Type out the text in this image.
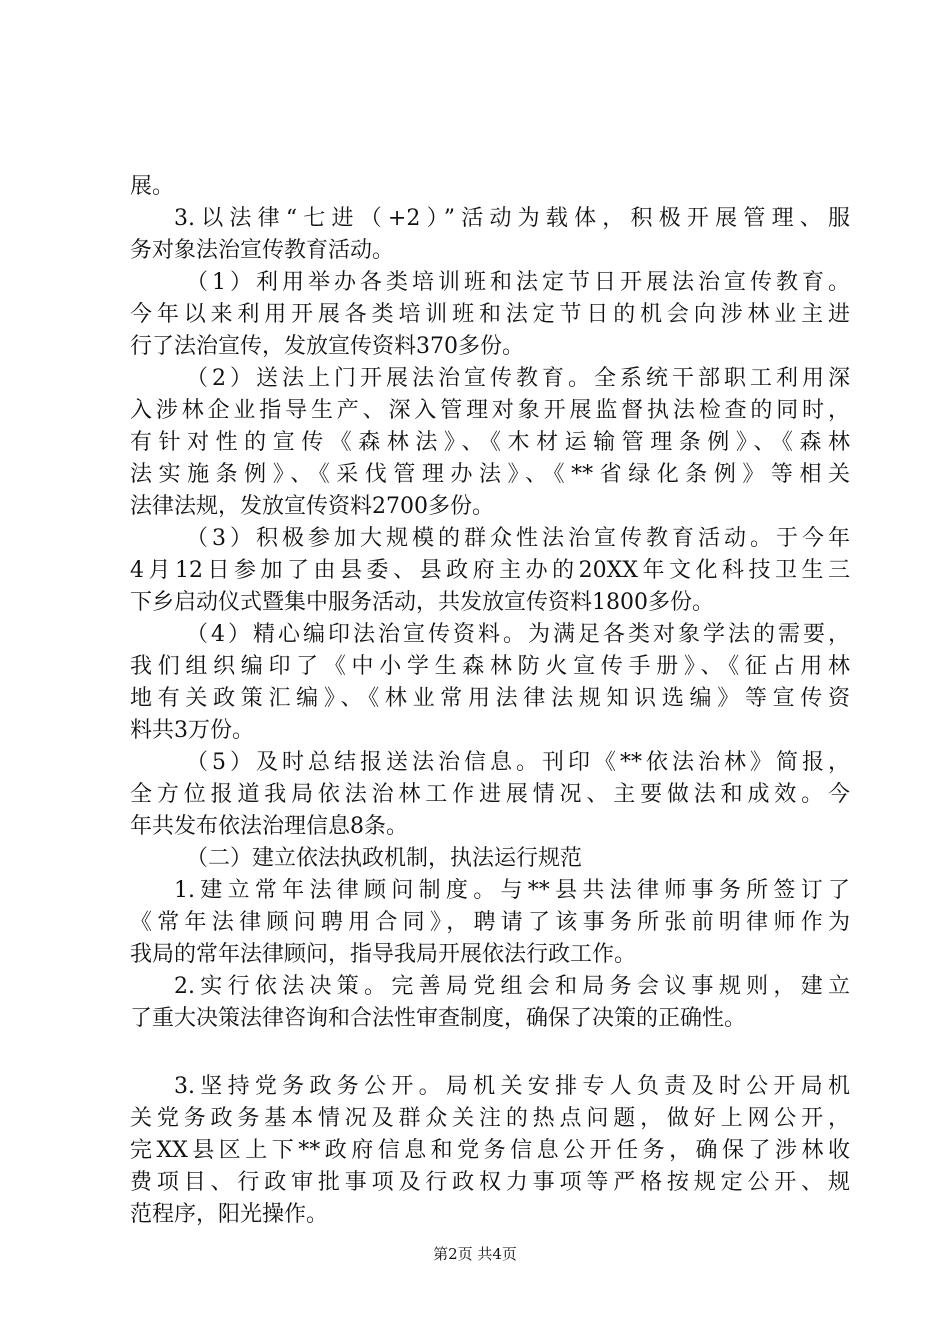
展。
3.以法律“七进（+2）”活动为载体，积极开展管理、服
务对象法治宣传教育活动。
（1）利用举办各类培训班和法定节日开展法治宣传教育。
今年以来利用开展各类培训班和法定节日的机会向涉林业主进
行了法治宣传，发放宣传资料370多份。
（2）送法上门开展法治宣传教育。全系统干部职工利用深
入涉林企业指导生产、深入管理对象开展监督执法检查的同时，
有针对性的宣传《森林法》、《木材运输管理条例》、《森林
法实施条例》、《采伐管理办法》、《**省绿化条例》等相关
法律法规，发放宣传资料2700多份。
（3）积极参加大规模的群众性法治宣传教育活动。于今年
4月12日参加了由县委、县政府主办的20XX年文化科技卫生三
下乡启动仪式暨集中服务活动，共发放宣传资料1800多份。
（4）精心编印法治宣传资料。为满足各类对象学法的需要，
我们组织编印了《中小学生森林防火宣传手册》、《征占用林
地有关政策汇编》、《林业常用法律法规知识选编》等宣传资
料共3万份。
（5）及时总结报送法治信息。刊印《**依法治林》简报，
全方位报道我局依法治林工作进展情况、主要做法和成效。今
年共发布依法治理信息8条。
（二）建立依法执政机制，执法运行规范
1.建立常年法律顾问制度。与**县共法律师事务所签订了
《常年法律顾问聘用合同》，聘请了该事务所张前明律师作为
我局的常年法律顾问，指导我局开展依法行政工作。
2.实行依法决策。完善局党组会和局务会议事规则，建立
了重大决策法律咨询和合法性审查制度，确保了决策的正确性。
3.坚持党务政务公开。局机关安排专人负责及时公开局机
关党务政务基本情况及群众关注的热点问题，做好上网公开，
完XX县区上下**政府信息和党务信息公开任务，确保了涉林收
费项目、行政审批事项及行政权力事项等严格按规定公开、规
范程序，阳光操作。
第2页 共4页
